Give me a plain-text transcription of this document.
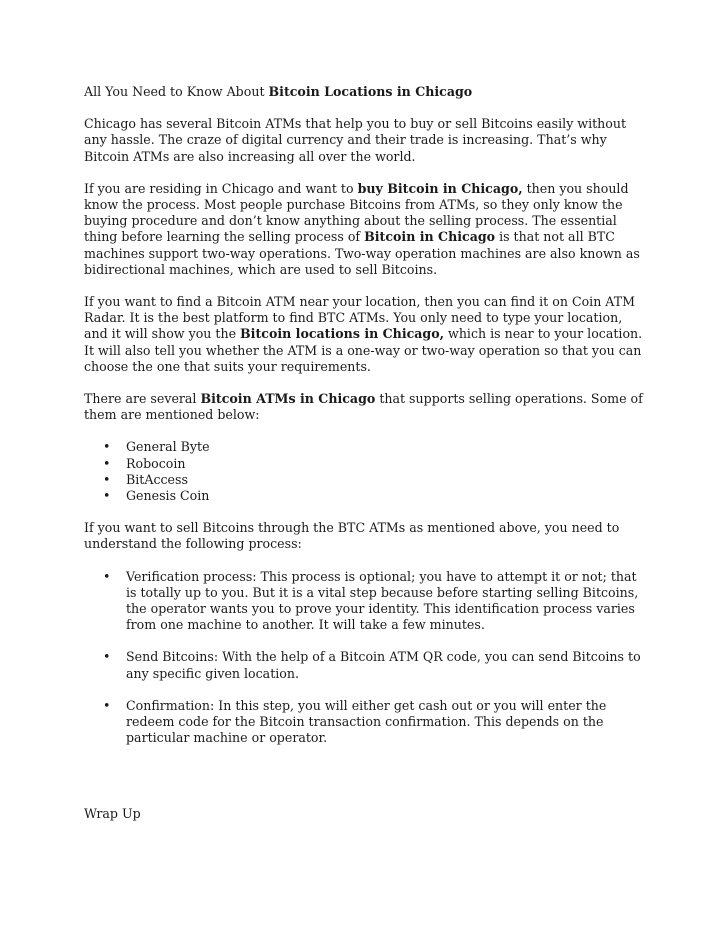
All You Need to Know About Bitcoin Locations in Chicago

Chicago has several Bitcoin ATMs that help you to buy or sell Bitcoins easily without any hassle. The craze of digital currency and their trade is increasing. That’s why Bitcoin ATMs are also increasing all over the world.

If you are residing in Chicago and want to buy Bitcoin in Chicago, then you should know the process. Most people purchase Bitcoins from ATMs, so they only know the buying procedure and don’t know anything about the selling process. The essential thing before learning the selling process of Bitcoin in Chicago is that not all BTC machines support two-way operations. Two-way operation machines are also known as bidirectional machines, which are used to sell Bitcoins.

If you want to find a Bitcoin ATM near your location, then you can find it on Coin ATM Radar. It is the best platform to find BTC ATMs. You only need to type your location, and it will show you the Bitcoin locations in Chicago, which is near to your location. It will also tell you whether the ATM is a one-way or two-way operation so that you can choose the one that suits your requirements.

There are several Bitcoin ATMs in Chicago that supports selling operations. Some of them are mentioned below:

• General Byte
• Robocoin
• BitAccess
• Genesis Coin

If you want to sell Bitcoins through the BTC ATMs as mentioned above, you need to understand the following process:

• Verification process: This process is optional; you have to attempt it or not; that is totally up to you. But it is a vital step because before starting selling Bitcoins, the operator wants you to prove your identity. This identification process varies from one machine to another. It will take a few minutes.
• Send Bitcoins: With the help of a Bitcoin ATM QR code, you can send Bitcoins to any specific given location.
• Confirmation: In this step, you will either get cash out or you will enter the redeem code for the Bitcoin transaction confirmation. This depends on the particular machine or operator.

Wrap Up
